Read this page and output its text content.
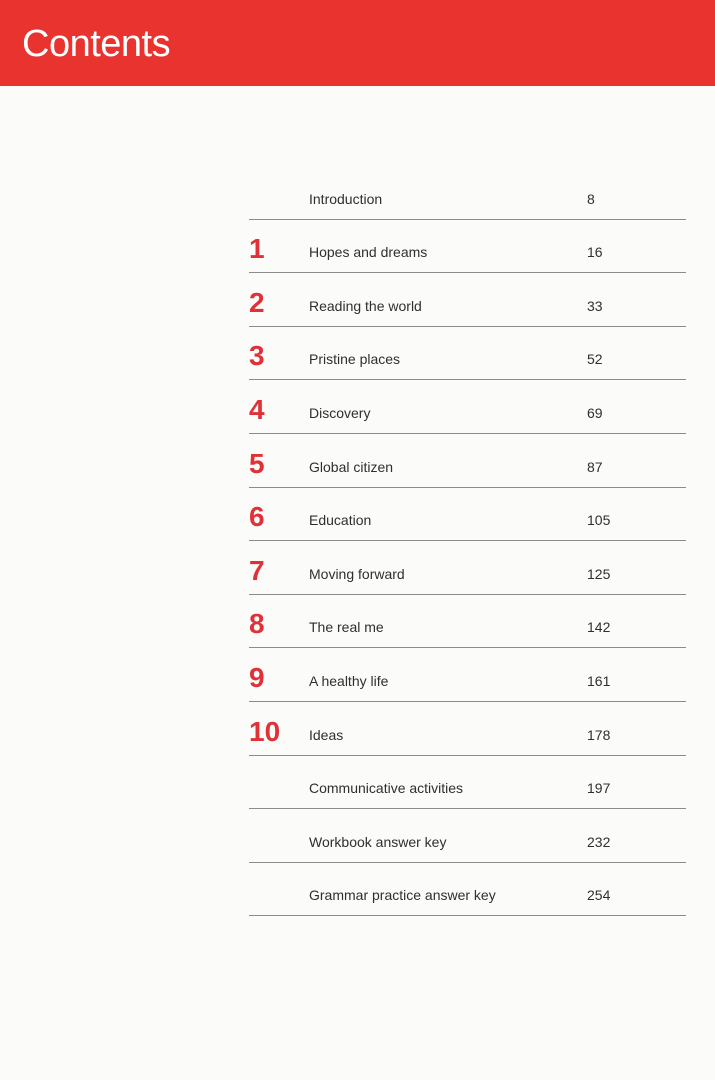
Contents
Introduction	8
1	Hopes and dreams	16
2	Reading the world	33
3	Pristine places	52
4	Discovery	69
5	Global citizen	87
6	Education	105
7	Moving forward	125
8	The real me	142
9	A healthy life	161
10	Ideas	178
Communicative activities	197
Workbook answer key	232
Grammar practice answer key	254
